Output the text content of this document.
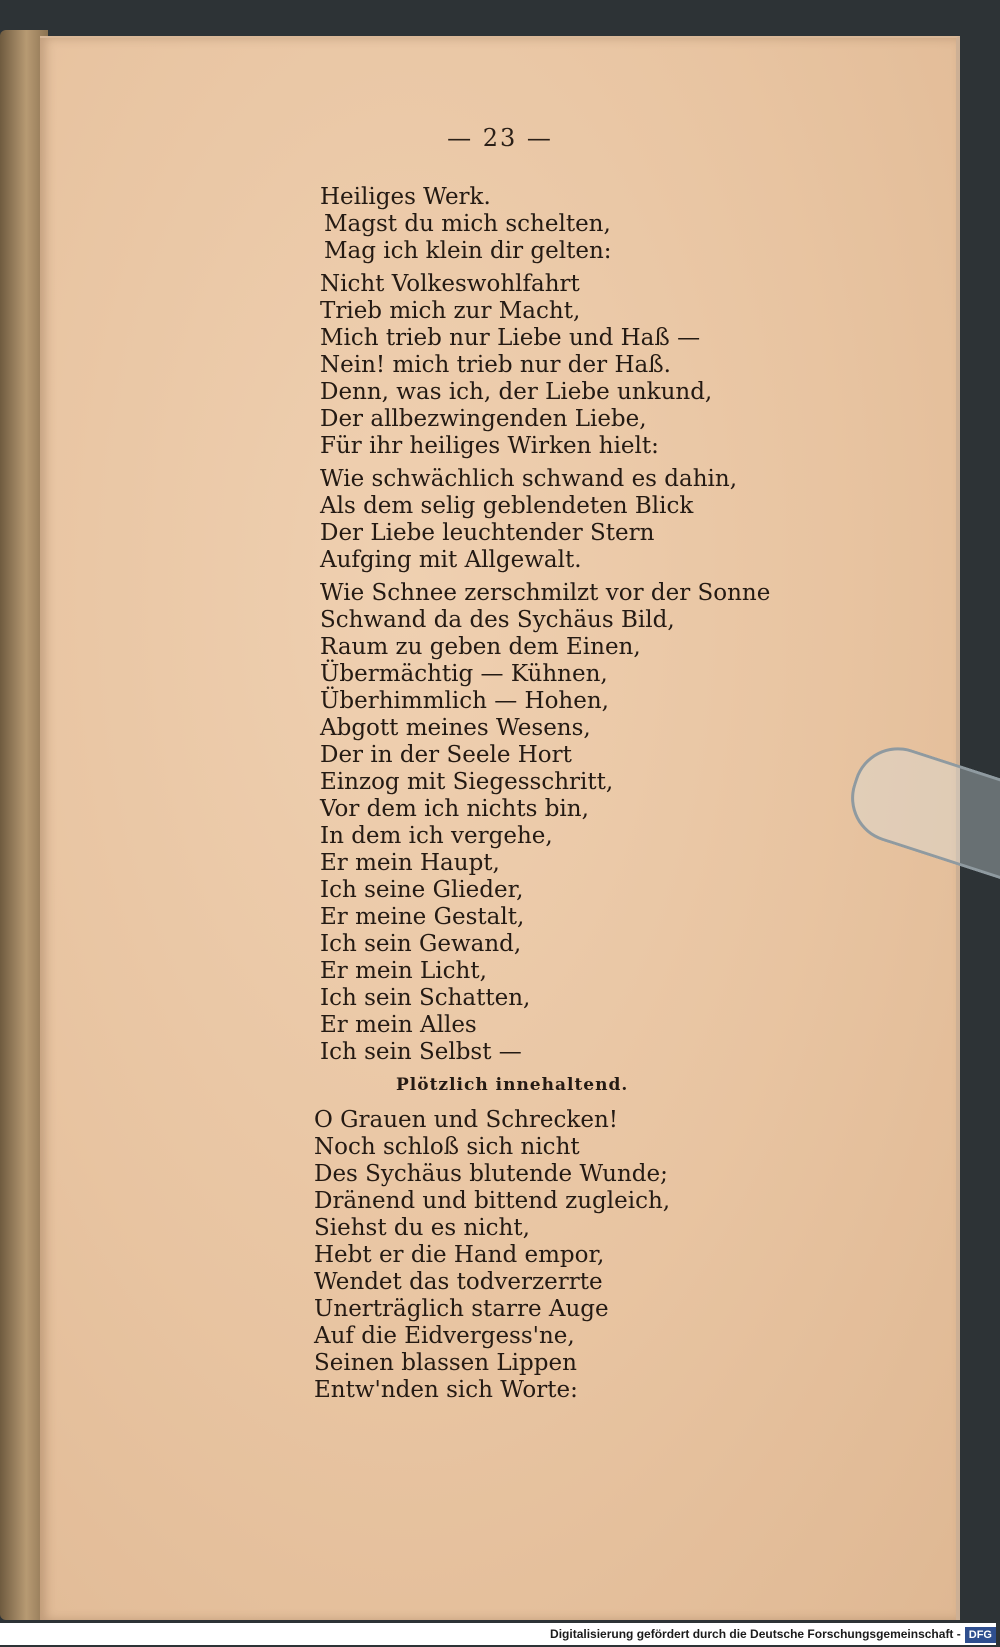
— 23 —
Heiliges Werk.
Magst du mich schelten,
Mag ich klein dir gelten:
Nicht Volkeswohlfahrt
Trieb mich zur Macht,
Mich trieb nur Liebe und Haß —
Nein! mich trieb nur der Haß.
Denn, was ich, der Liebe unkund,
Der allbezwingenden Liebe,
Für ihr heiliges Wirken hielt:
Wie schwächlich schwand es dahin,
Als dem selig geblendeten Blick
Der Liebe leuchtender Stern
Aufging mit Allgewalt.
Wie Schnee zerschmilzt vor der Sonne
Schwand da des Sychäus Bild,
Raum zu geben dem Einen,
Übermächtig — Kühnen,
Überhimmlich — Hohen,
Abgott meines Wesens,
Der in der Seele Hort
Einzog mit Siegesschritt,
Vor dem ich nichts bin,
In dem ich vergehe,
Er mein Haupt,
Ich seine Glieder,
Er meine Gestalt,
Ich sein Gewand,
Er mein Licht,
Ich sein Schatten,
Er mein Alles
Ich sein Selbst —
Plötzlich innehaltend.
O Grauen und Schrecken!
Noch schloß sich nicht
Des Sychäus blutende Wunde;
Dränend und bittend zugleich,
Siehst du es nicht,
Hebt er die Hand empor,
Wendet das todverzerrte
Unerträglich starre Auge
Auf die Eidvergess'ne,
Seinen blassen Lippen
Entw'nden sich Worte:
Digitalisierung gefördert durch die Deutsche Forschungsgemeinschaft - DFG
